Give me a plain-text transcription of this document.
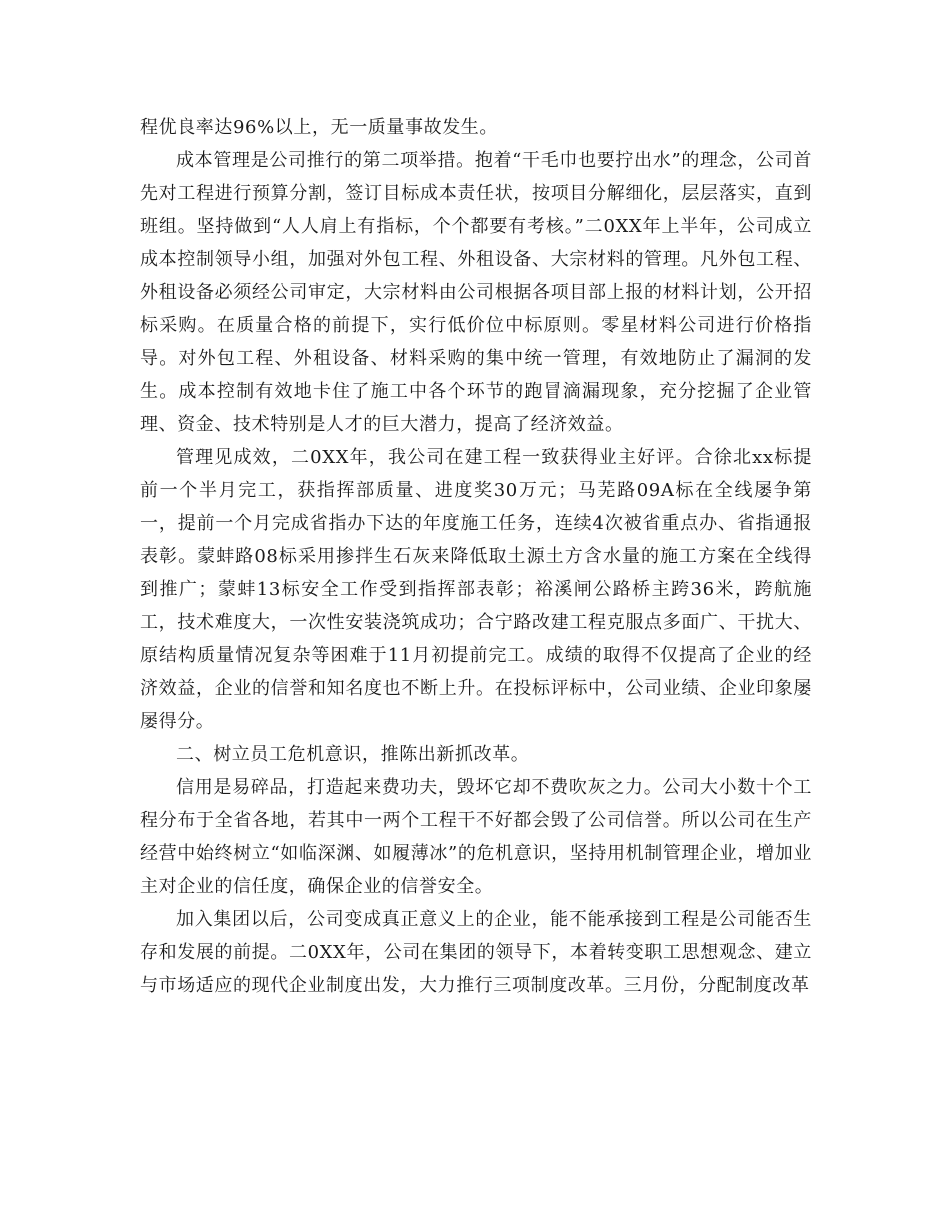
程优良率达96%以上，无一质量事故发生。

成本管理是公司推行的第二项举措。抱着“干毛巾也要拧出水”的理念，公司首先对工程进行预算分割，签订目标成本责任状，按项目分解细化，层层落实，直到班组。坚持做到“人人肩上有指标，个个都要有考核。”二0XX年上半年，公司成立成本控制领导小组，加强对外包工程、外租设备、大宗材料的管理。凡外包工程、外租设备必须经公司审定，大宗材料由公司根据各项目部上报的材料计划，公开招标采购。在质量合格的前提下，实行低价位中标原则。零星材料公司进行价格指导。对外包工程、外租设备、材料采购的集中统一管理，有效地防止了漏洞的发生。成本控制有效地卡住了施工中各个环节的跑冒滴漏现象，充分挖掘了企业管理、资金、技术特别是人才的巨大潜力，提高了经济效益。

管理见成效，二0XX年，我公司在建工程一致获得业主好评。合徐北xx标提前一个半月完工，获指挥部质量、进度奖30万元；马芜路09A标在全线屡争第一，提前一个月完成省指办下达的年度施工任务，连续4次被省重点办、省指通报表彰。蒙蚌路08标采用掺拌生石灰来降低取土源土方含水量的施工方案在全线得到推广；蒙蚌13标安全工作受到指挥部表彰；裕溪闸公路桥主跨36米，跨航施工，技术难度大，一次性安装浇筑成功；合宁路改建工程克服点多面广、干扰大、原结构质量情况复杂等困难于11月初提前完工。成绩的取得不仅提高了企业的经济效益，企业的信誉和知名度也不断上升。在投标评标中，公司业绩、企业印象屡屡得分。

二、树立员工危机意识，推陈出新抓改革。

信用是易碎品，打造起来费功夫，毁坏它却不费吹灰之力。公司大小数十个工程分布于全省各地，若其中一两个工程干不好都会毁了公司信誉。所以公司在生产经营中始终树立“如临深渊、如履薄冰”的危机意识，坚持用机制管理企业，增加业主对企业的信任度，确保企业的信誉安全。

加入集团以后，公司变成真正意义上的企业，能不能承接到工程是公司能否生存和发展的前提。二0XX年，公司在集团的领导下，本着转变职工思想观念、建立与市场适应的现代企业制度出发，大力推行三项制度改革。三月份，分配制度改革
